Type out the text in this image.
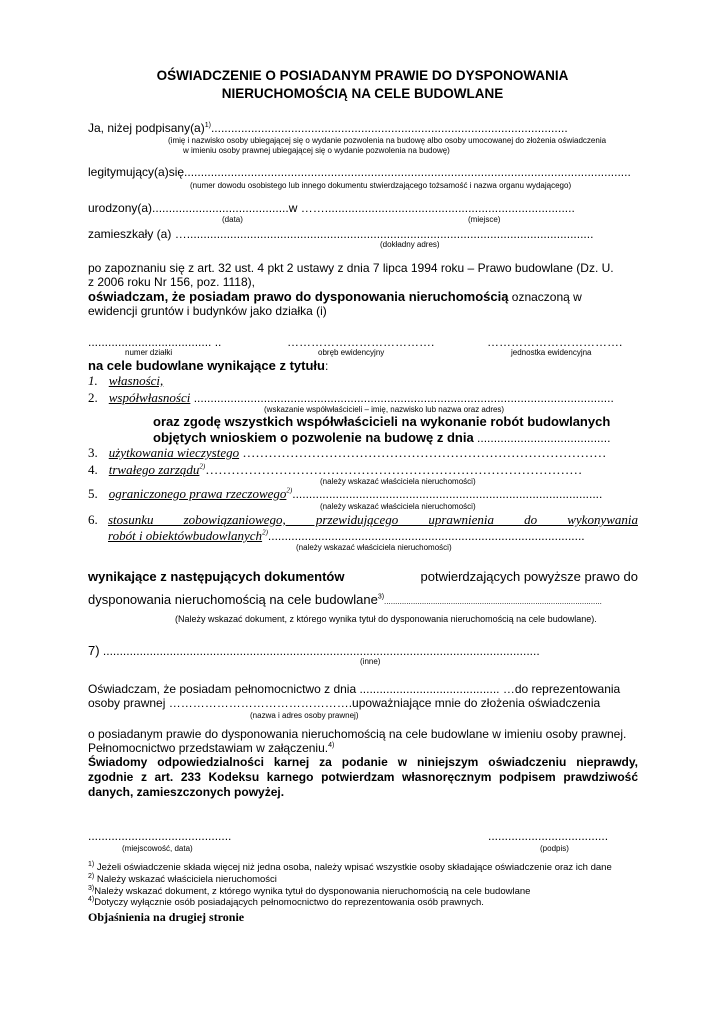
OŚWIADCZENIE O POSIADANYM PRAWIE DO DYSPONOWANIA
NIERUCHOMOŚCIĄ NA CELE BUDOWLANE
Ja, niżej $podpisany(a)^{1)}$...........................................................................................................
(imię i nazwisko osoby ubiegającej się o wydanie pozwolenia na budowę albo osoby umocowanej do złożenia oświadczenia
w imieniu osoby prawnej ubiegającej się o wydanie pozwolenia na budowę)
legitymujący(a)się......................................................................................................................................
(numer dowodu osobistego lub innego dokumentu stwierdzającego tożsamość i nazwa organu wydającego)
urodzony(a).........................................w ……...........................................................................
(data)	(miejsce)
zamieszkały (a) …..........................................................................................................................
(dokładny adres)
po zapoznaniu się z art. 32 ust. 4 pkt 2 ustawy z dnia 7 lipca 1994 roku – Prawo budowlane (Dz. U.
z 2006 roku Nr 156, poz. 1118),
oświadczam, że posiadam prawo do dysponowania nieruchomością oznaczoną w
ewidencji gruntów i budynków jako działka (i)
..................................... ..	……………………………….	…………………………….
numer działki	obręb ewidencyjny	jednostka ewidencyjna
na cele budowlane wynikające z tytułu:
1. własności,
2. współwłasności ..............................................................................................................................
(wskazanie współwłaścicieli – imię, nazwisko lub nazwa oraz adres)
oraz zgodę wszystkich współwłaścicieli na wykonanie robót budowlanych
objętych wnioskiem o pozwolenie na budowę z dnia ........................................
3. użytkowania wieczystego …………………………………………………………………………
4. trwałego zarządu$^{2)}$……………………………………………………………………………
(należy wskazać właściciela nieruchomości)
5. ograniczonego prawa rzeczowego$^{2)}$.............................................................................................
(należy wskazać właściciela nieruchomości)
6. stosunku zobowiązaniowego, przewidującego uprawnienia do wykonywania
robót i obiektówbudowlanych$^{2)}$...............................................................................................
(należy wskazać właściciela nieruchomości)
wynikające z następujących dokumentów	potwierdzających powyższe prawo do
dysponowania nieruchomością na cele budowlane$^{3)}$..................................................................................................
(Należy wskazać dokument, z którego wynika tytuł do dysponowania nieruchomością na cele budowlane).
7) ...................................................................................................................................
(inne)
Oświadczam, że posiadam pełnomocnictwo z dnia .......................................... …do reprezentowania
osoby prawnej ……………………………………….upoważniające mnie do złożenia oświadczenia
(nazwa i adres osoby prawnej)
o posiadanym prawie do dysponowania nieruchomością na cele budowlane w imieniu osoby prawnej.
Pełnomocnictwo przedstawiam w załączeniu.$^{4)}$
Świadomy odpowiedzialności karnej za podanie w niniejszym oświadczeniu nieprawdy,
zgodnie z art. 233 Kodeksu karnego potwierdzam własnoręcznym podpisem prawdziwość
danych, zamieszczonych powyżej.
...........................................	....................................
(miejscowość, data)	(podpis)
$^{1)}$ Jeżeli oświadczenie składa więcej niż jedna osoba, należy wpisać wszystkie osoby składające oświadczenie oraz ich dane
$^{2)}$ Należy wskazać właściciela nieruchomości
$^{3)}$Należy wskazać dokument, z którego wynika tytuł do dysponowania nieruchomością na cele budowlane
$^{4)}$Dotyczy wyłącznie osób posiadających pełnomocnictwo do reprezentowania osób prawnych.
Objaśnienia na drugiej stronie
